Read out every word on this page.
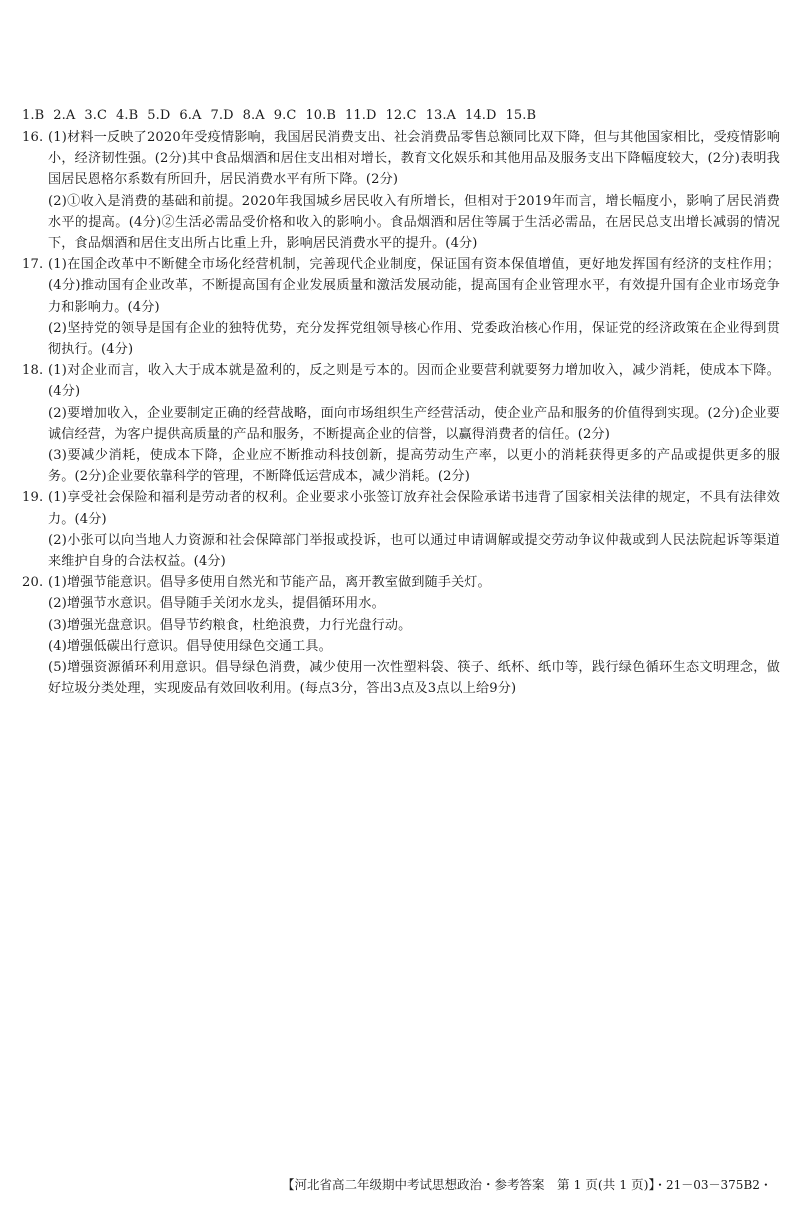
1.B 2.A 3.C 4.B 5.D 6.A 7.D 8.A 9.C 10.B 11.D 12.C 13.A 14.D 15.B
16. (1)材料一反映了2020年受疫情影响，我国居民消费支出、社会消费品零售总额同比双下降，但与其他国家相比，受疫情影响小，经济韧性强。(2分)其中食品烟酒和居住支出相对增长，教育文化娱乐和其他用品及服务支出下降幅度较大，(2分)表明我国居民恩格尔系数有所回升，居民消费水平有所下降。(2分)

(2)①收入是消费的基础和前提。2020年我国城乡居民收入有所增长，但相对于2019年而言，增长幅度小，影响了居民消费水平的提高。(4分)②生活必需品受价格和收入的影响小。食品烟酒和居住等属于生活必需品，在居民总支出增长减弱的情况下，食品烟酒和居住支出所占比重上升，影响居民消费水平的提升。(4分)

17. (1)在国企改革中不断健全市场化经营机制，完善现代企业制度，保证国有资本保值增值，更好地发挥国有经济的支柱作用；(4分)推动国有企业改革，不断提高国有企业发展质量和激活发展动能，提高国有企业管理水平，有效提升国有企业市场竞争力和影响力。(4分)

(2)坚持党的领导是国有企业的独特优势，充分发挥党组领导核心作用、党委政治核心作用，保证党的经济政策在企业得到贯彻执行。(4分)

18. (1)对企业而言，收入大于成本就是盈利的，反之则是亏本的。因而企业要营利就要努力增加收入，减少消耗，使成本下降。(4分)

(2)要增加收入，企业要制定正确的经营战略，面向市场组织生产经营活动，使企业产品和服务的价值得到实现。(2分)企业要诚信经营，为客户提供高质量的产品和服务，不断提高企业的信誉，以赢得消费者的信任。(2分)

(3)要减少消耗，使成本下降，企业应不断推动科技创新，提高劳动生产率，以更小的消耗获得更多的产品或提供更多的服务。(2分)企业要依靠科学的管理，不断降低运营成本，减少消耗。(2分)

19. (1)享受社会保险和福利是劳动者的权利。企业要求小张签订放弃社会保险承诺书违背了国家相关法律的规定，不具有法律效力。(4分)

(2)小张可以向当地人力资源和社会保障部门举报或投诉，也可以通过申请调解或提交劳动争议仲裁或到人民法院起诉等渠道来维护自身的合法权益。(4分)

20. (1)增强节能意识。倡导多使用自然光和节能产品，离开教室做到随手关灯。

(2)增强节水意识。倡导随手关闭水龙头，提倡循环用水。

(3)增强光盘意识。倡导节约粮食，杜绝浪费，力行光盘行动。

(4)增强低碳出行意识。倡导使用绿色交通工具。

(5)增强资源循环利用意识。倡导绿色消费，减少使用一次性塑料袋、筷子、纸杯、纸巾等，践行绿色循环生态文明理念，做好垃圾分类处理，实现废品有效回收利用。(每点3分，答出3点及3点以上给9分)

【河北省高二年级期中考试思想政治・参考答案　第 1 页(共 1 页)】
・21－03－375B2・
